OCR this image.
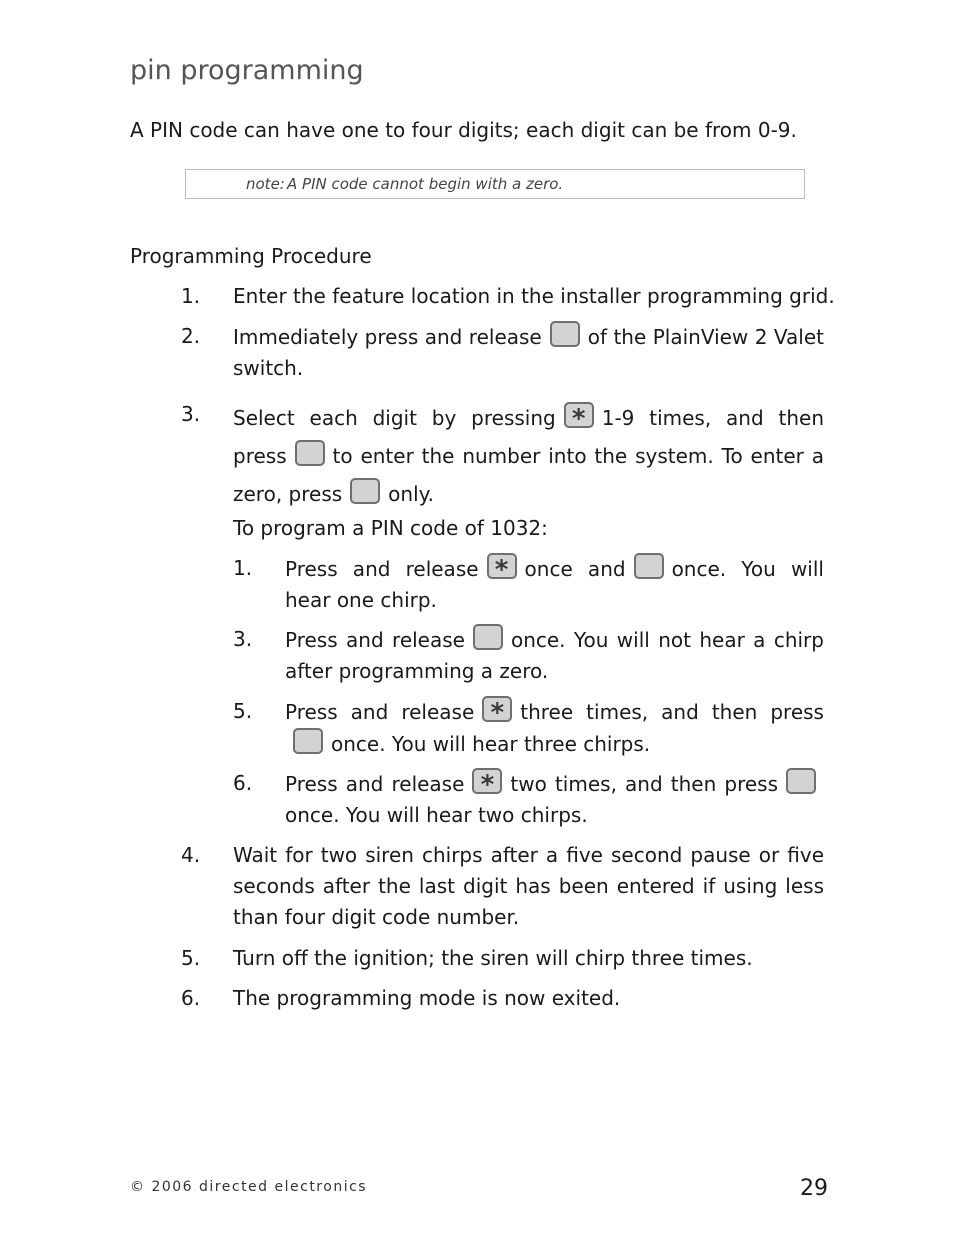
pin programming
A PIN code can have one to four digits; each digit can be from 0-9.
note: A PIN code cannot begin with a zero.
Programming Procedure
1. Enter the feature location in the installer programming grid.
2. Immediately press and release of the PlainView 2 Valet switch.
3. Select each digit by pressing * 1-9 times, and then press to enter the number into the system. To enter a zero, press only.
To program a PIN code of 1032:
1. Press and release * once and once. You will hear one chirp.
3. Press and release once. You will not hear a chirp after programming a zero.
5. Press and release * three times, and then pressonce. You will hear three chirps.
6. Press and release * two times, and then pressonce. You will hear two chirps.
4. Wait for two siren chirps after a five second pause or five seconds after the last digit has been entered if using less than four digit code number.
5. Turn off the ignition; the siren will chirp three times.
6. The programming mode is now exited.
© 2006 directed electronics	29
